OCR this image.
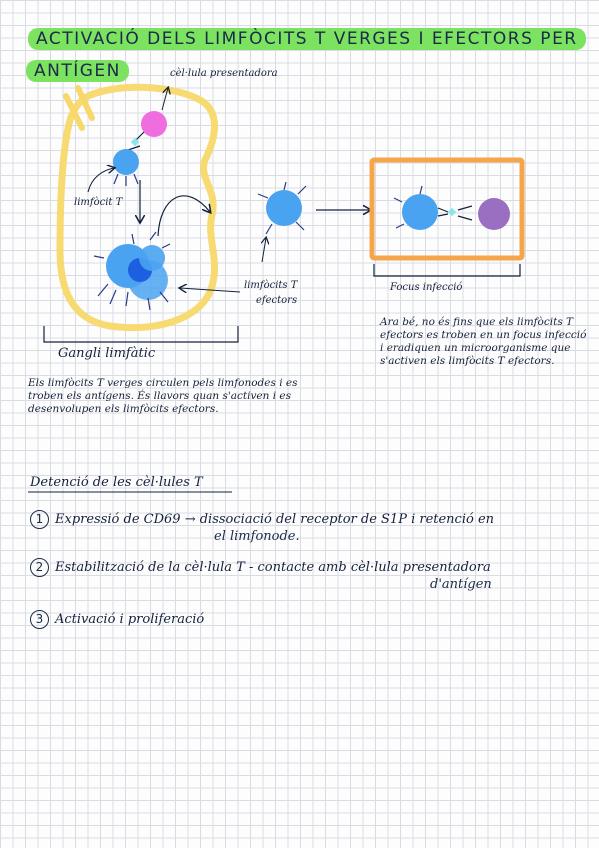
ACTIVACIÓ DELS LIMFÒCITS T VERGES I EFECTORS PER
ANTÍGEN	cèl·lula presentadora
limfòcit T
limfòcits T
efectors
Gangli limfàtic
Focus infecció
Els limfòcits T verges circulen pels limfonodes i es troben els antígens. És llavors quan s'activen i es desenvolupen els limfòcits efectors.
Ara bé, no és fins que els limfòcits T efectors es troben en un focus infecció i eradiquen un microorganisme que s'activen els limfòcits T efectors.
Detenció de les cèl·lules T
1 Expressió de CD69 → dissociació del receptor de S1P i retenció en
el limfonode.
2 Estabilització de la cèl·lula T - contacte amb cèl·lula presentadora
d'antígen
3 Activació i proliferació
